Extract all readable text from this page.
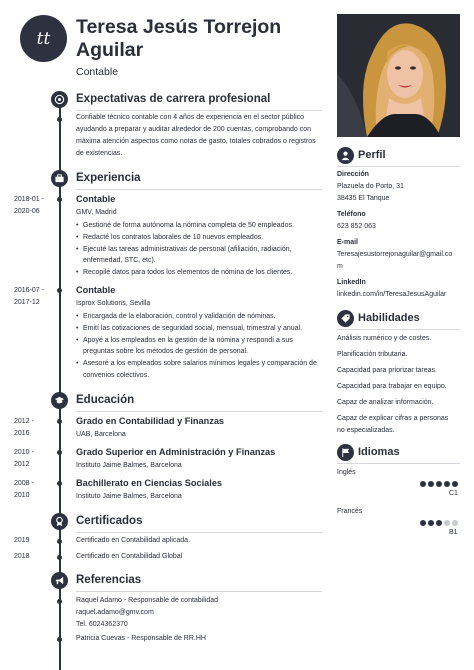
tt
Teresa Jesús Torrejon
Aguilar
Contable
Expectativas de carrera profesional
Confiable técnico contable con 4 años de experiencia en el sector público ayudando a preparar y auditar alrededor de 200 cuentas, comprobando con máxima atención aspectos como notas de gasto, totales cobrados o registros de existencias.
Experiencia
2018-01 -
2020-06
Contable
GMV, Madrid
• Gestioné de forma autónoma la nómina completa de 50 empleados.
• Redacté los contratos laborales de 10 nuevos empleados.
• Ejecuté las tareas administrativas de personal (afiliación, radiación, enfermedad, STC, etc).
• Recopilé datos para todos los elementos de nómina de los clientes.
2016-07 -
2017-12
Contable
Isprox Solutions, Sevilla
• Encargada de la elaboración, control y validación de nóminas.
• Emití las cotizaciones de seguridad social, mensual, trimestral y anual.
• Apoyé a los empleados en la gestión de la nómina y respondí a sus preguntas sobre los métodos de gestión de personal.
• Asesoré a los empleados sobre salarios mínimos legales y comparación de convenios colectivos.
Educación
2012 -
2016
Grado en Contabilidad y Finanzas
UAB, Barcelona
2010 -
2012
Grado Superior en Administración y Finanzas
Instituto Jaime Balmes, Barcelona
2008 -
2010
Bachillerato en Ciencias Sociales
Instituto Jaime Balmes, Barcelona
Certificados
2019	Certificado en Contabilidad aplicada.
2018	Certificado en Contabilidad Global
Referencias
Raquel Adamo - Responsable de contabilidad
raquel.adamo@gmv.com
Tel. 6024362370
Patricia Cuevas - Responsable de RR.HH
Perfil
Dirección
Plazuela do Porto, 31
38435 El Tanque
Teléfono
623 852 063
E-mail
Teresajesustorrejonaguilar@gmail.co
m
LinkedIn
linkedin.com/in/TeresaJesusAguilar
Habilidades
Análisis numérico y de costes.
Planificación tributaria.
Capacidad para priorizar tareas.
Capacidad para trabajar en equipo.
Capaz de analizar información.
Capaz de explicar cifras a personas no especializadas.
Idiomas
Inglés
C1
Francés
B1
